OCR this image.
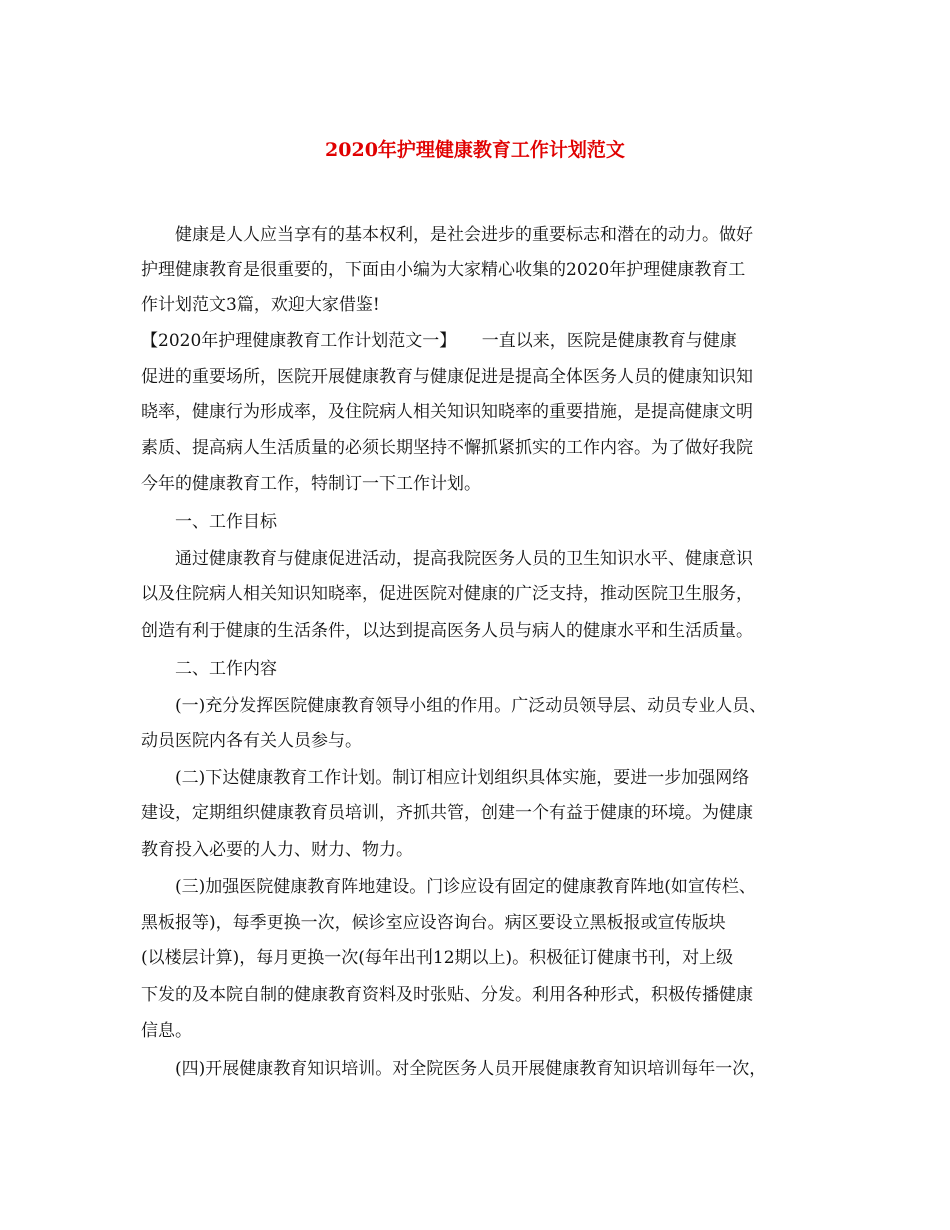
2020年护理健康教育工作计划范文
　　健康是人人应当享有的基本权利，是社会进步的重要标志和潜在的动力。做好
护理健康教育是很重要的，下面由小编为大家精心收集的2020年护理健康教育工
作计划范文3篇，欢迎大家借鉴!
【2020年护理健康教育工作计划范文一】　　一直以来，医院是健康教育与健康
促进的重要场所，医院开展健康教育与健康促进是提高全体医务人员的健康知识知
晓率，健康行为形成率，及住院病人相关知识知晓率的重要措施，是提高健康文明
素质、提高病人生活质量的必须长期坚持不懈抓紧抓实的工作内容。为了做好我院
今年的健康教育工作，特制订一下工作计划。
　　一、工作目标
　　通过健康教育与健康促进活动，提高我院医务人员的卫生知识水平、健康意识
以及住院病人相关知识知晓率，促进医院对健康的广泛支持，推动医院卫生服务，
创造有利于健康的生活条件，以达到提高医务人员与病人的健康水平和生活质量。
　　二、工作内容
　　(一)充分发挥医院健康教育领导小组的作用。广泛动员领导层、动员专业人员、
动员医院内各有关人员参与。
　　(二)下达健康教育工作计划。制订相应计划组织具体实施，要进一步加强网络
建设，定期组织健康教育员培训，齐抓共管，创建一个有益于健康的环境。为健康
教育投入必要的人力、财力、物力。
　　(三)加强医院健康教育阵地建设。门诊应设有固定的健康教育阵地(如宣传栏、
黑板报等)，每季更换一次，候诊室应设咨询台。病区要设立黑板报或宣传版块
(以楼层计算)，每月更换一次(每年出刊12期以上)。积极征订健康书刊，对上级
下发的及本院自制的健康教育资料及时张贴、分发。利用各种形式，积极传播健康
信息。
　　(四)开展健康教育知识培训。对全院医务人员开展健康教育知识培训每年一次，
